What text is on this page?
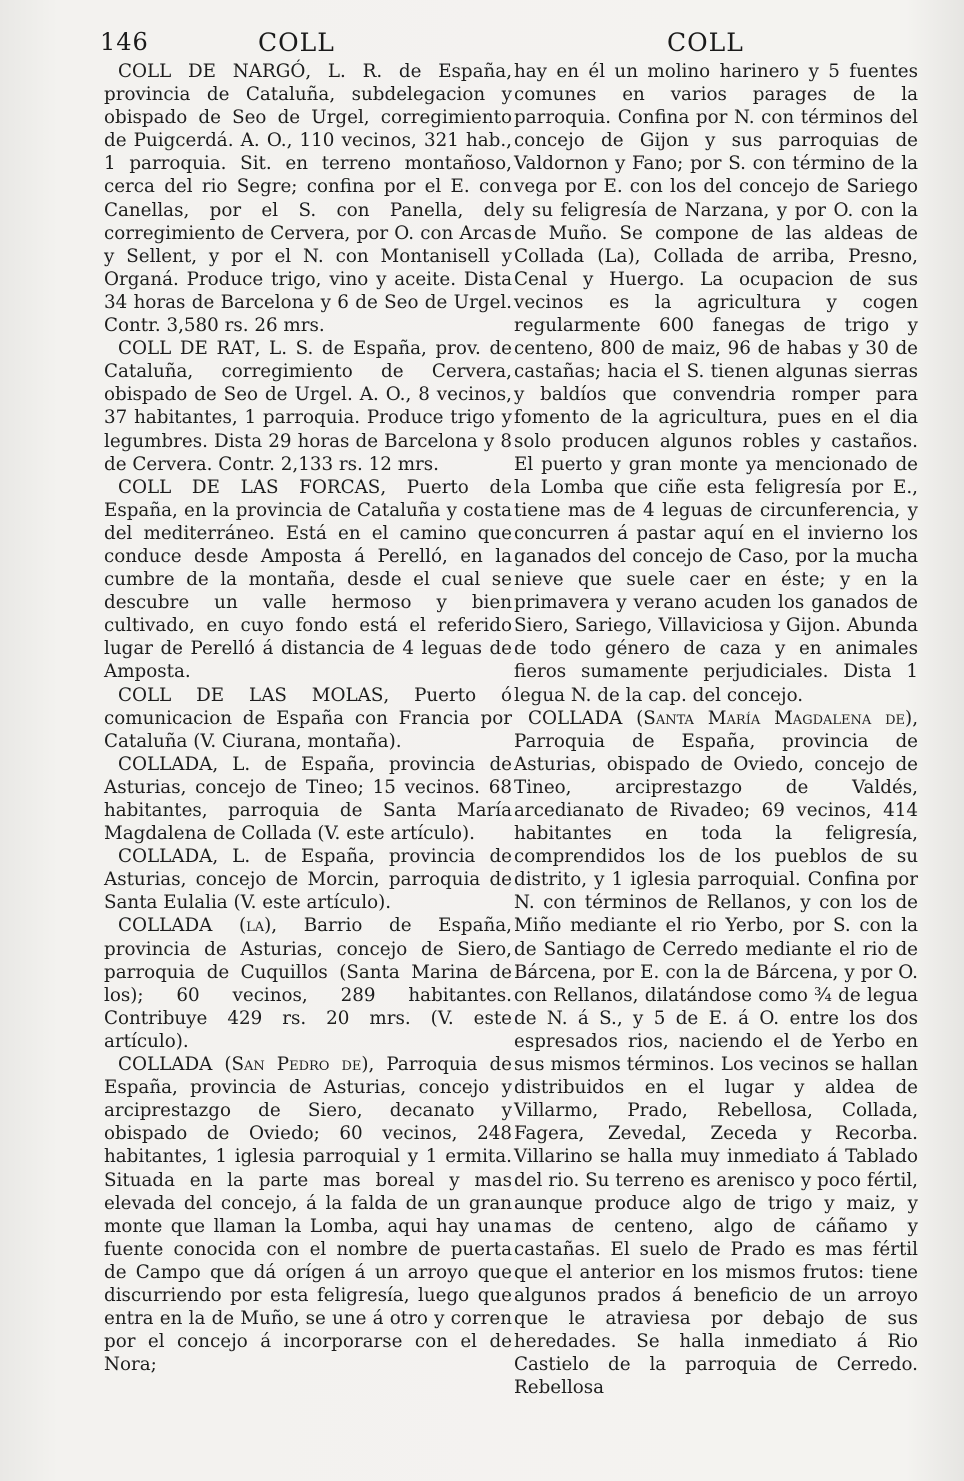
146	COLL	COLL

COLL DE NARGÓ, L. R. de España, provincia de Cataluña, subdelegacion y obispado de Seo de Urgel, corregimiento de Puigcerdá. A. O., 110 vecinos, 321 hab., 1 parroquia. Sit. en terreno montañoso, cerca del rio Segre; confina por el E. con Canellas, por el S. con Panella, del corregimiento de Cervera, por O. con Arcas y Sellent, y por el N. con Montanisell y Organá. Produce trigo, vino y aceite. Dista 34 horas de Barcelona y 6 de Seo de Urgel. Contr. 3,580 rs. 26 mrs.

COLL DE RAT, L. S. de España, prov. de Cataluña, corregimiento de Cervera, obispado de Seo de Urgel. A. O., 8 vecinos, 37 habitantes, 1 parroquia. Produce trigo y legumbres. Dista 29 horas de Barcelona y 8 de Cervera. Contr. 2,133 rs. 12 mrs.

COLL DE LAS FORCAS, Puerto de España, en la provincia de Cataluña y costa del mediterráneo. Está en el camino que conduce desde Amposta á Perelló, en la cumbre de la montaña, desde el cual se descubre un valle hermoso y bien cultivado, en cuyo fondo está el referido lugar de Perelló á distancia de 4 leguas de Amposta.

COLL DE LAS MOLAS, Puerto ó comunicacion de España con Francia por Cataluña (V. Ciurana, montaña).

COLLADA, L. de España, provincia de Asturias, concejo de Tineo; 15 vecinos. 68 habitantes, parroquia de Santa María Magdalena de Collada (V. este artículo).

COLLADA, L. de España, provincia de Asturias, concejo de Morcin, parroquia de Santa Eulalia (V. este artículo).

COLLADA (la), Barrio de España, provincia de Asturias, concejo de Siero, parroquia de Cuquillos (Santa Marina de los); 60 vecinos, 289 habitantes. Contribuye 429 rs. 20 mrs. (V. este artículo).

COLLADA (San Pedro de), Parroquia de España, provincia de Asturias, concejo y arciprestazgo de Siero, decanato y obispado de Oviedo; 60 vecinos, 248 habitantes, 1 iglesia parroquial y 1 ermita. Situada en la parte mas boreal y mas elevada del concejo, á la falda de un gran monte que llaman la Lomba, aqui hay una fuente conocida con el nombre de puerta de Campo que dá orígen á un arroyo que discurriendo por esta feligresía, luego que entra en la de Muño, se une á otro y corren por el concejo á incorporarse con el de Nora;

hay en él un molino harinero y 5 fuentes comunes en varios parages de la parroquia. Confina por N. con términos del concejo de Gijon y sus parroquias de Valdornon y Fano; por S. con término de la vega por E. con los del concejo de Sariego y su feligresía de Narzana, y por O. con la de Muño. Se compone de las aldeas de Collada (La), Collada de arriba, Presno, Cenal y Huergo. La ocupacion de sus vecinos es la agricultura y cogen regularmente 600 fanegas de trigo y centeno, 800 de maiz, 96 de habas y 30 de castañas; hacia el S. tienen algunas sierras y baldíos que convendria romper para fomento de la agricultura, pues en el dia solo producen algunos robles y castaños. El puerto y gran monte ya mencionado de la Lomba que ciñe esta feligresía por E., tiene mas de 4 leguas de circunferencia, y concurren á pastar aquí en el invierno los ganados del concejo de Caso, por la mucha nieve que suele caer en éste; y en la primavera y verano acuden los ganados de Siero, Sariego, Villaviciosa y Gijon. Abunda de todo género de caza y en animales fieros sumamente perjudiciales. Dista 1 legua N. de la cap. del concejo.

COLLADA (Santa María Magdalena de), Parroquia de España, provincia de Asturias, obispado de Oviedo, concejo de Tineo, arciprestazgo de Valdés, arcedianato de Rivadeo; 69 vecinos, 414 habitantes en toda la feligresía, comprendidos los de los pueblos de su distrito, y 1 iglesia parroquial. Confina por N. con términos de Rellanos, y con los de Miño mediante el rio Yerbo, por S. con la de Santiago de Cerredo mediante el rio de Bárcena, por E. con la de Bárcena, y por O. con Rellanos, dilatándose como ¾ de legua de N. á S., y 5 de E. á O. entre los dos espresados rios, naciendo el de Yerbo en sus mismos términos. Los vecinos se hallan distribuidos en el lugar y aldea de Villarmo, Prado, Rebellosa, Collada, Fagera, Zevedal, Zeceda y Recorba. Villarino se halla muy inmediato á Tablado del rio. Su terreno es arenisco y poco fértil, aunque produce algo de trigo y maiz, y mas de centeno, algo de cáñamo y castañas. El suelo de Prado es mas fértil que el anterior en los mismos frutos: tiene algunos prados á beneficio de un arroyo que le atraviesa por debajo de sus heredades. Se halla inmediato á Rio Castielo de la parroquia de Cerredo. Rebellosa
